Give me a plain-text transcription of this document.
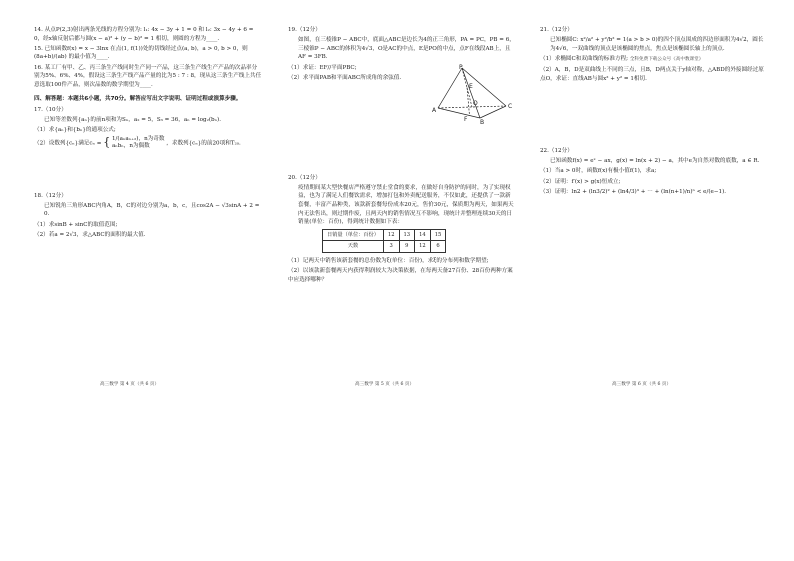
14. 从点P(2,3)射出两条光线的方程分别为: l₁: 4x − 3y + 1 = 0 和 l₂: 3x − 4y + 6 = 0，经x轴反射后都与圆(x − a)² + (y − b)² = 1 相切，则圆的方程为____.

15. 已知函数f(x) = x − 3lnx 在点(1, f(1))处的切线经过点(a, b)，a > 0, b > 0，则 (8a+b)/(ab) 的最小值为____.

16. 某工厂有甲、乙、丙三条生产线同时生产同一产品，这三条生产线生产产品的次品率分别为5%、6%、4%，假设这三条生产线产品产量的比为5 : 7 : 8，现从这三条生产线上共任意选取100件产品，则次品数的数学期望为____.

四、解答题：本题共6小题，共70分。解答应写出文字说明、证明过程或演算步骤。

17.（10分）

已知等差数列{aₙ}的前n项和为Sₙ，a₂ = 5，S₃ = 36，aₙ = log₂(bₙ).

（1）求{aₙ}和{bₙ}的通项公式;

（2）设数列{cₙ}满足cₙ = { 1/(aₙaₙ₊₂)，n为奇数
aₙbₙ，n为偶数	，求数列{cₙ}的前20项和T₂₀.

18.（12分）

已知锐角三角形ABC内角A，B，C的对边分别为a，b，c，且cos2A − √3sinA + 2 = 0.

（1）求sinB + sinC的取值范围;

（2）若a = 2√3，求△ABC的面积的最大值.

19.（12分）

如图，在三棱锥P − ABC中，底面△ABC是边长为4的正三角形，PA = PC，PB = 6，三棱锥P − ABC的体积为4√3，O是AC的中点，E是PO的中点，点F在线段AB上，且AF = 3FB.

（1）求证：EF//平面PBC;

（2）求平面PAB和平面ABC所成角的余弦值.

P
E
A
B
C
F
O

20.（12分）

疫情期间某大型快餐店严格遵守禁止堂食的要求，在做好自身防护的同时，为了实现权益，也为了满足人们餐饮需求，增加打包和外卖配送服务，不仅如此，还提供了一款新套餐，丰富产品种类，该款新套餐每份成本20元，售价30元，保质期为两天，如果两天内无法售出，则过期作废，且两天内的销售情况互不影响，现统计并整理连续30天的日销量(单位：百份)，得到统计数据如下表：

日销量（单位：百份）	12	13	14	15
天数	3	9	12	6

（1）记两天中销售该新套餐的总份数为ξ(单位：百份)，求ξ的分布列和数学期望;

（2）以该款新套餐两天内获得利润较大为决策依据，在每两天备27百份、28百份两种方案中应选择哪种？

21.（12分）

已知椭圆C: x²/a² + y²/b² = 1(a > b > 0)的四个顶点围成的四边形面积为4√2，圆长为4√6，一双曲线的顶点是该椭圆的焦点，焦点是该椭圆长轴上的顶点.

（1）求椭圆C和双曲线的标准方程; 全科免费下载公众号《高中数课堂》

（2）A，B，D是双曲线上不同的三点，且B，D两点关于y轴对称，△ABD的外接圆经过原点O，求证：直线AB与圆x² + y² = 1相切.

22.（12分）

已知函数f(x) = eˣ − ax，g(x) = ln(x + 2) − a，其中e为自然对数的底数，a ∈ R.

（1）当a > 0时，函数f(x)有极小值f(1)，求a;

（2）证明：f′(x) > g(x)恒成立;

（3）证明：ln2 + (ln3/2)² + (ln4/3)³ + ⋯ + (ln(n+1)/n)ⁿ < e/(e−1).

高三数学 第 4 页（共 6 页）	高三数学 第 5 页（共 6 页）	高三数学 第 6 页（共 6 页）
